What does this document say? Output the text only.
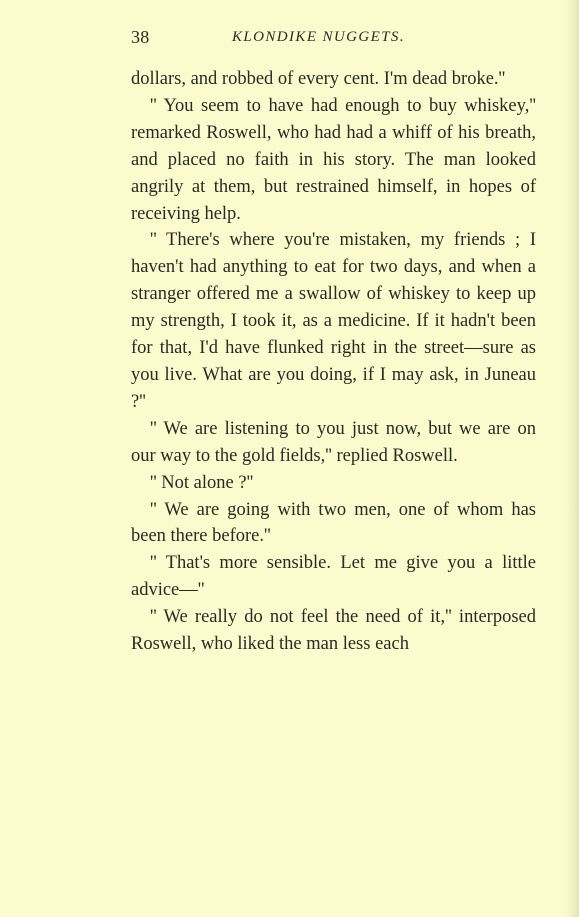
38	KLONDIKE NUGGETS.

dollars, and robbed of every cent. I'm dead broke.''

'' You seem to have had enough to buy whiskey,'' remarked Roswell, who had had a whiff of his breath, and placed no faith in his story. The man looked angrily at them, but restrained himself, in hopes of receiving help.

'' There's where you're mistaken, my friends ; I haven't had anything to eat for two days, and when a stranger offered me a swallow of whiskey to keep up my strength, I took it, as a medicine. If it hadn't been for that, I'd have flunked right in the street—sure as you live. What are you doing, if I may ask, in Juneau ?''

'' We are listening to you just now, but we are on our way to the gold fields,'' replied Roswell.

'' Not alone ?''

'' We are going with two men, one of whom has been there before.''

'' That's more sensible. Let me give you a little advice—''

'' We really do not feel the need of it,'' interposed Roswell, who liked the man less each
